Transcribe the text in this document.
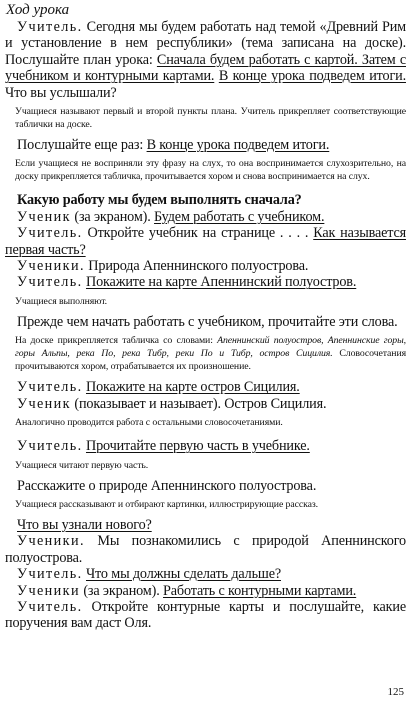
Ход урока

Учитель. Сегодня мы будем работать над темой «Древний Рим и установление в нем республики» (тема записана на доске). Послушайте план урока: Сначала будем работать с картой. Затем с учебником и контурными картами. В конце урока подведем итоги. Что вы услышали?

Учащиеся называют первый и второй пункты плана. Учитель прикрепляет соответствующие таблички на доске.

Послушайте еще раз: В конце урока подведем итоги.

Если учащиеся не восприняли эту фразу на слух, то она воспринимается слухозрительно, на доску прикрепляется табличка, прочитывается хором и снова воспринимается на слух.

Какую работу мы будем выполнять сначала?

Ученик (за экраном). Будем работать с учебником.

Учитель. Откройте учебник на странице . . . . Как называется первая часть?

Ученики. Природа Апеннинского полуострова.

Учитель. Покажите на карте Апеннинский полуостров.

Учащиеся выполняют.

Прежде чем начать работать с учебником, прочитайте эти слова.

На доске прикрепляется табличка со словами: Апеннинский полуостров, Апеннинские горы, горы Альпы, река По, река Тибр, реки По и Тибр, остров Сицилия. Словосочетания прочитываются хором, отрабатывается их произношение.

Учитель. Покажите на карте остров Сицилия.

Ученик (показывает и называет). Остров Сицилия.

Аналогично проводится работа с остальными словосочетаниями.

Учитель. Прочитайте первую часть в учебнике.

Учащиеся читают первую часть.

Расскажите о природе Апеннинского полуострова.

Учащиеся рассказывают и отбирают картинки, иллюстрирующие рассказ.

Что вы узнали нового?

Ученики. Мы познакомились с природой Апеннинского полуострова.

Учитель. Что мы должны сделать дальше?

Ученики (за экраном). Работать с контурными картами.

Учитель. Откройте контурные карты и послушайте, какие поручения вам даст Оля.

125
